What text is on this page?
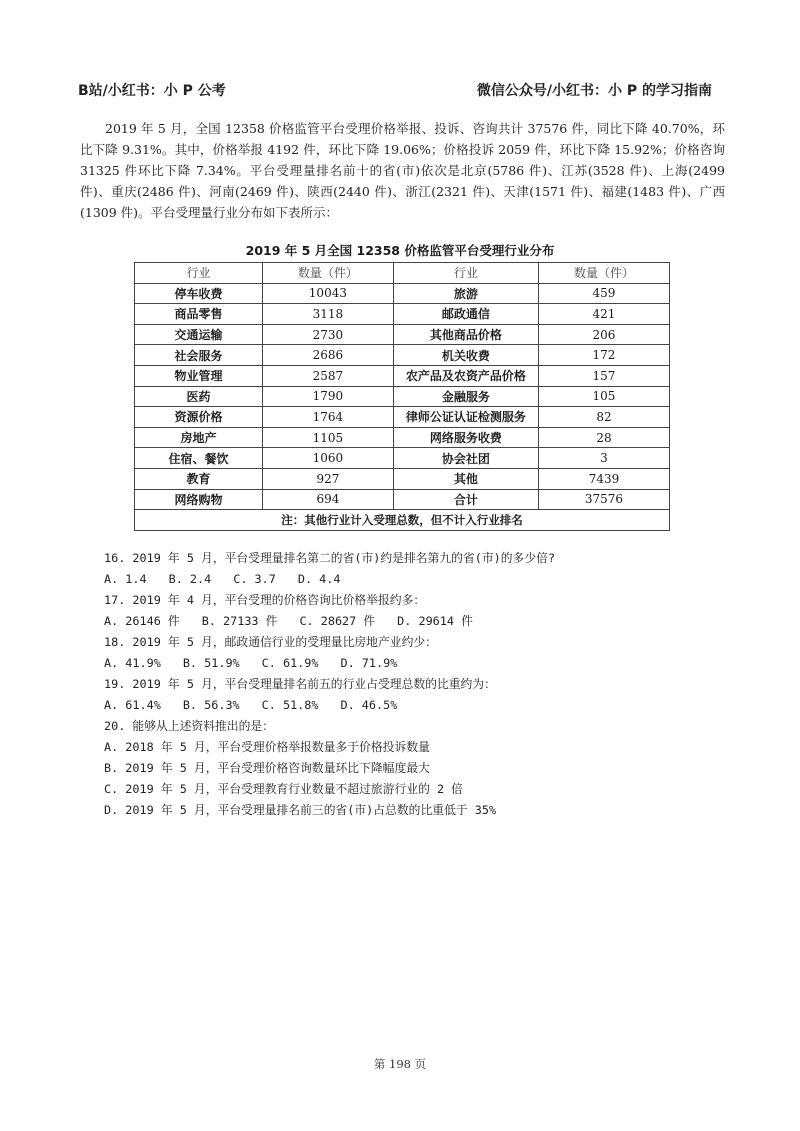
B站/小红书：小 P 公考	微信公众号/小红书：小 P 的学习指南

2019 年 5 月，全国 12358 价格监管平台受理价格举报、投诉、咨询共计 37576 件，同比下降 40.70%，环比下降 9.31%。其中，价格举报 4192 件，环比下降 19.06%；价格投诉 2059 件，环比下降 15.92%；价格咨询 31325 件环比下降 7.34%。平台受理量排名前十的省(市)依次是北京(5786 件)、江苏(3528 件)、上海(2499 件)、重庆(2486 件)、河南(2469 件)、陕西(2440 件)、浙江(2321 件)、天津(1571 件)、福建(1483 件)、广西(1309 件)。平台受理量行业分布如下表所示：

2019 年 5 月全国 12358 价格监管平台受理行业分布
行业	数量（件）	行业	数量（件）
停车收费	10043	旅游	459
商品零售	3118	邮政通信	421
交通运输	2730	其他商品价格	206
社会服务	2686	机关收费	172
物业管理	2587	农产品及农资产品价格	157
医药	1790	金融服务	105
资源价格	1764	律师公证认证检测服务	82
房地产	1105	网络服务收费	28
住宿、餐饮	1060	协会社团	3
教育	927	其他	7439
网络购物	694	合计	37576
注：其他行业计入受理总数，但不计入行业排名			
16. 2019 年 5 月，平台受理量排名第二的省(市)约是排名第九的省(市)的多少倍?
A. 1.4 B. 2.4 C. 3.7 D. 4.4
17. 2019 年 4 月，平台受理的价格咨询比价格举报约多：
A. 26146 件 B. 27133 件 C. 28627 件 D. 29614 件
18. 2019 年 5 月，邮政通信行业的受理量比房地产业约少：
A. 41.9% B. 51.9% C. 61.9% D. 71.9%
19. 2019 年 5 月，平台受理量排名前五的行业占受理总数的比重约为：
A. 61.4% B. 56.3% C. 51.8% D. 46.5%
20. 能够从上述资料推出的是：
A. 2018 年 5 月，平台受理价格举报数量多于价格投诉数量
B. 2019 年 5 月，平台受理价格咨询数量环比下降幅度最大
C. 2019 年 5 月，平台受理教育行业数量不超过旅游行业的 2 倍
D. 2019 年 5 月，平台受理量排名前三的省(市)占总数的比重低于 35%
第 198 页
